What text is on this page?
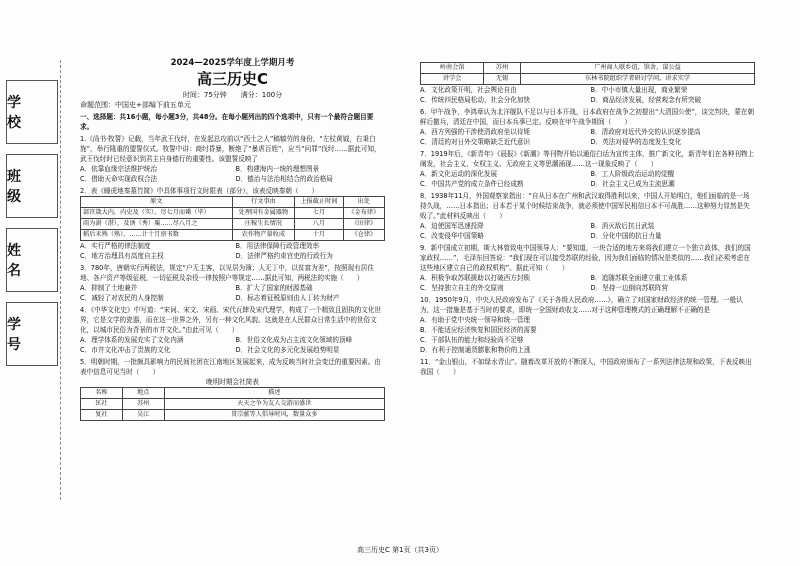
学 校
班 级
姓 名
学 号

2024—2025学年度上学期月考

高三历史C

时间：75分钟　　满分：100分

命题范围：中国史+部编下前五单元

一、选择题：共16小题，每小题3分，共48分。在每小题列出的四个选项中，只有一个最符合题目要求。

1.《尚书·牧誓》记载，当年武王伐纣，在发起总攻前以“西土之人”稿犒劳的身份，“左杖黄钺，右秉白旄”，举行隆重的盟誓仪式。牧誓中讲：商纣昏暴，断绝了“暴虐百姓”，应当“问罪”伐纣……据此可知，武王伐纣时已经意识到君主自身德行的重要性。该盟誓反映了

A．依靠血缘宗法维护统治	B．构建海内一统的理想图景
C．借助天命实现政权合法	D．德治与法治相结合的政治格局

2．表《睡虎地秦墓竹简》中具体事项行文时限表（部分），该表反映秦朝（　　）

原文	行文事由	上报截止时间	出处
部官箴大内，内史及（实），尽七月而觱（毕）	处理国有金属器物	七月	《金布律》
雨为澍（湛），及诱（秀）粟……尽八月之	庄稼生长情况	八月	《田律》
稻后禾熟（熟），……计十月禀书数	农作物产量收成	十月	《仓律》
A．实行严格的律法制度	B．用法律保障行政管理效率
C．地方治理具有高度自主权	D．法律严格约束官吏的行政行为

3．780年，唐朝实行两税法，规定“户无主客，以见居为簿；人无丁中，以贫富为差”，按照现有居住地、各户资产等级征税，一切征税及杂役一律按照户等规定……据此可知，两税法的实施（　　）

A．抑制了土地兼并	B．扩大了国家的财源基础
C．减轻了对农民的人身控制	D．标志着征税原则由人丁转为财产

4．《中华文化史》中写道：“宋词、宋文、宋画、宋代瓦肆及宋代理学，构成了一个精致且固执的文化世界，它是文学的瓷器，而在这一世界之外，另有一种文化风貌。这就是在人民群众日常生活中的世俗文化，以城市民俗为背景的市井文化。”由此可见（　　）

A．理学体系的发展充实了文化内涵	B．世俗文化成为占主流文化领域的顶峰
C．市井文化冲击了贵族的文化	D．社会文化的多元化发展趋势明显

5．明朝时期，一批颇具影响力的民间社团在江南地区发展起来，成为反映当时社会变迁的重要因素。由表中信息可见当时（　　）

晚明时期会社简表

名称	地点	描述
匡社	苏州	天天之争为友人交游而盛世
复社	吴江	贯宗献等人倡导时风，数量众多
岭南会馆	苏州	广州商人联乡谊，馆舍，谋公益
讲学会	无锡	东林书院组织学者研讨学问，讲求实学
A．文化政策开明，社会舆论自由	B．中小市镇大量出现，商业繁荣
C．传统四民格局松动，社会分化加快	D．商品经济发展，经营观念有所突破

6．甲午战争，李鸿章认为北洋舰队不足以与日本开战，日本政府在战争之初提出“大清国公使”，谈完判决，蒙在朝鲜后撤兵，清廷在中国，而日本兵事已定。反映在甲午战争期间（　　）

A．西方列强的干涉使清政府坐以待毙	B．清政府对近代外交的认识逐步提高
C．清廷的对日外交策略缺乏近代意识	D．英法对侵华的态度发生变化

7．1919年后，《新青年》《晨报》《新潮》等刊物开始以通俗白话为宣传主体，推广新文化，新青年们在各种刊物上阐发，社会主义、女权主义、无政府主义等思潮涌现……这一现象反映了（　　）

A．新文化运动的深化发展	B．工人阶级政治运动的觉醒
C．中国共产党的成立条件已经成熟	D．社会主义已成为主流思潮

8．1938年11月，外国观察家指出：“自从日本在广州和武汉取得胜利以来，中国人开始明白，他们面临的是一场持久战，……日本指出；日本若于某个时候结束战争，就必须使中国军民相信日本不可战胜……这种努力显然是失败了。”此材料反映出（　　）

A．迫使国军迅速投降	B．消灭敌后抗日武装
C．改变侵华中国策略	D．分化中国的抗日力量

9．新中国成立初期，斯大林曾致电中国领导人：“要知道，一块合适的地方来将我们建立一个独立政体，我们的国家政权……”，毛泽东回答说：“我们现在可以接受苏联的经验，因为我们面临的情况是类似的……我们必须考虑在这些地区建立自己的政权机构”。据此可知（　　）

A．积极争取苏联援助以打破西方封锁	B．追随苏联全面建立重工业体系
C．坚持独立自主的外交原则	D．坚持一边倒向苏联阵营

10．1950年9月，中央人民政府发布了《关于各级人民政府……》，确立了对国家财政经济的统一管理。一般认为，这一措施是基于当时的要求，即统一全国财政收支……对于这种管理模式的正确理解不正确的是

A．有助于党中央统一领导和统一管理

B．不能适应经济恢复和国民经济的需要

C．干部队伍的能力和经验尚不足够

D．有利于控制通货膨胀和物价的上涨

11．“金山银山，不如绿水青山”。随着改革开放的不断深入，中国政府颁布了一系列法律法规和政策，下表反映出我国（　　）

高三历史C 第1页（共3页）
